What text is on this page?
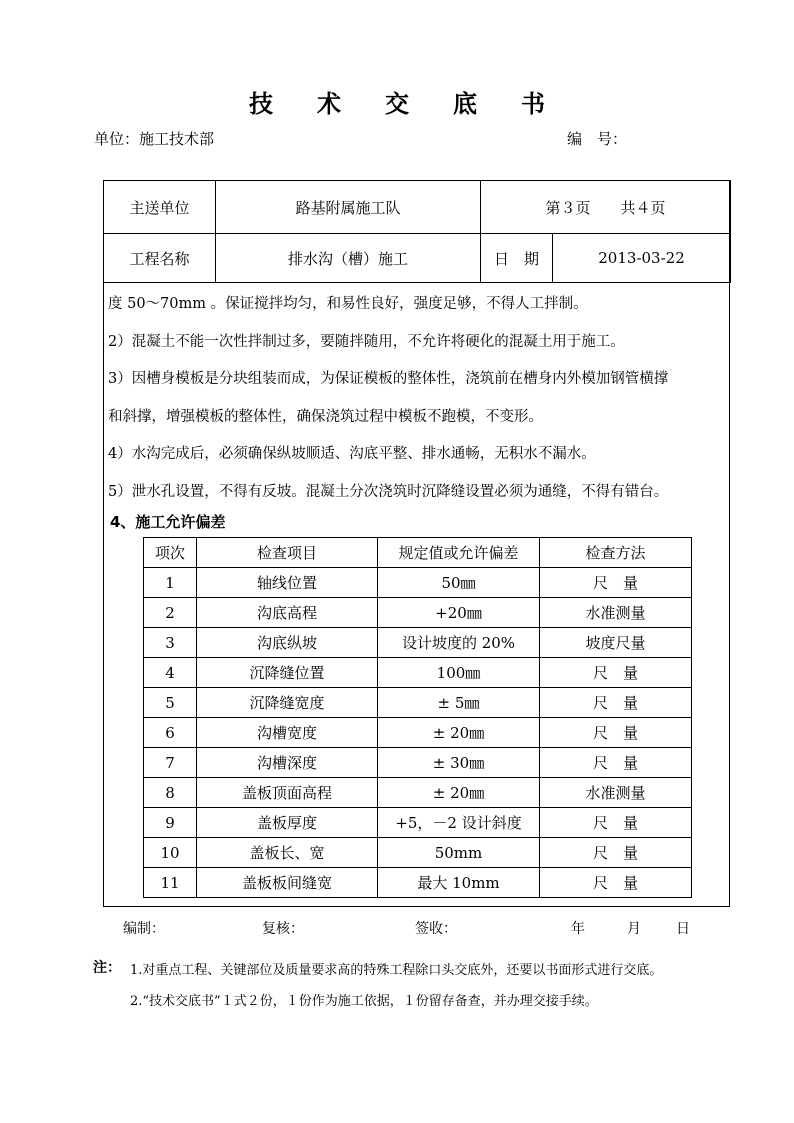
技 术 交 底 书
单位：施工技术部	编　号：
主送单位	路基附属施工队	第３页　　共４页	
工程名称	排水沟（槽）施工	日　期	2013-03-22

度 50～70mm 。保证搅拌均匀，和易性良好，强度足够，不得人工拌制。

2）混凝土不能一次性拌制过多，要随拌随用，不允许将硬化的混凝土用于施工。

3）因槽身模板是分块组装而成，为保证模板的整体性，浇筑前在槽身内外模加钢管横撑

和斜撑，增强模板的整体性，确保浇筑过程中模板不跑模，不变形。

4）水沟完成后，必须确保纵坡顺适、沟底平整、排水通畅，无积水不漏水。

5）泄水孔设置，不得有反坡。混凝土分次浇筑时沉降缝设置必须为通缝，不得有错台。

4、施工允许偏差
项次	检查项目	规定值或允许偏差	检查方法
1	轴线位置	50㎜	尺　量
2	沟底高程	+20㎜	水准测量
3	沟底纵坡	设计坡度的 20%	坡度尺量
4	沉降缝位置	100㎜	尺　量
5	沉降缝宽度	± 5㎜	尺　量
6	沟槽宽度	± 20㎜	尺　量
7	沟槽深度	± 30㎜	尺　量
8	盖板顶面高程	± 20㎜	水准测量
9	盖板厚度	+5，－2 设计斜度	尺　量
10	盖板长、宽	50mm	尺　量
11	盖板板间缝宽	最大 10mm	尺　量
编制：	复核：	签收：	年	月	日
注： 1.对重点工程、关键部位及质量要求高的特殊工程除口头交底外，还要以书面形式进行交底。
2.“技术交底书”１式２份，１份作为施工依据，１份留存备查，并办理交接手续。
